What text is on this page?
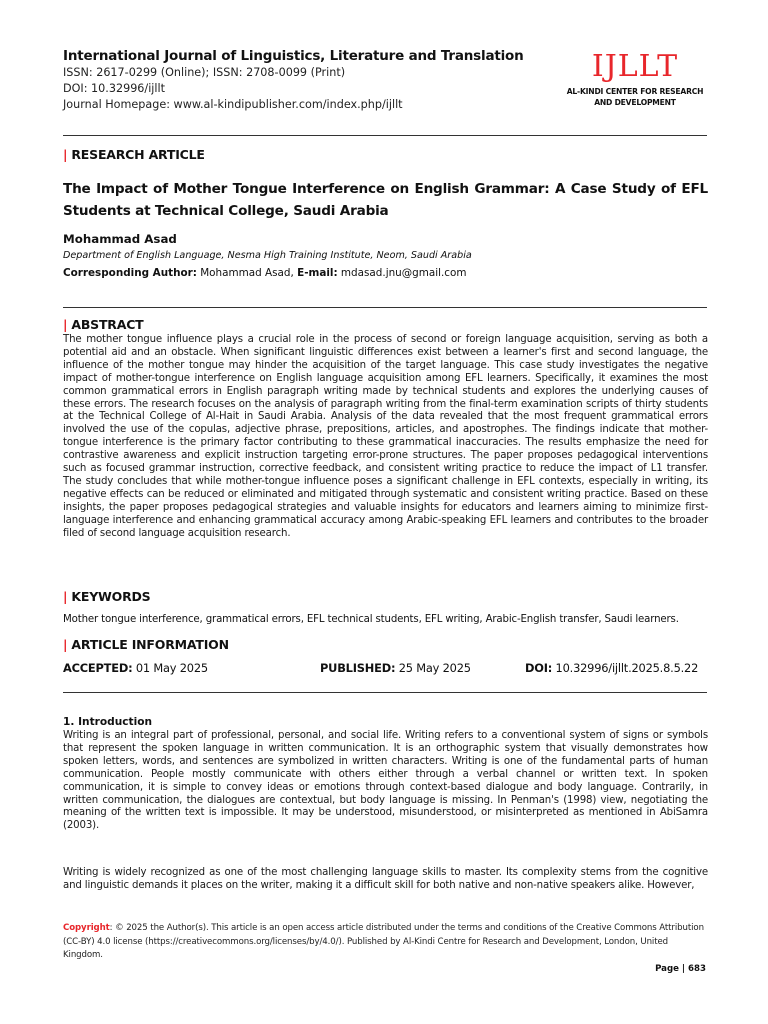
International Journal of Linguistics, Literature and Translation
ISSN: 2617-0299 (Online); ISSN: 2708-0099 (Print)
DOI: 10.32996/ijllt
Journal Homepage: www.al-kindipublisher.com/index.php/ijllt
IJLLT
AL-KINDI CENTER FOR RESEARCH
AND DEVELOPMENT
| RESEARCH ARTICLE
The Impact of Mother Tongue Interference on English Grammar: A Case Study of EFL Students at Technical College, Saudi Arabia
Mohammad Asad
Department of English Language, Nesma High Training Institute, Neom, Saudi Arabia
Corresponding Author: Mohammad Asad, E-mail: mdasad.jnu@gmail.com
| ABSTRACT
The mother tongue influence plays a crucial role in the process of second or foreign language acquisition, serving as both a potential aid and an obstacle. When significant linguistic differences exist between a learner's first and second language, the influence of the mother tongue may hinder the acquisition of the target language. This case study investigates the negative impact of mother-tongue interference on English language acquisition among EFL learners. Specifically, it examines the most common grammatical errors in English paragraph writing made by technical students and explores the underlying causes of these errors. The research focuses on the analysis of paragraph writing from the final-term examination scripts of thirty students at the Technical College of Al-Hait in Saudi Arabia. Analysis of the data revealed that the most frequent grammatical errors involved the use of the copulas, adjective phrase, prepositions, articles, and apostrophes. The findings indicate that mother-tongue interference is the primary factor contributing to these grammatical inaccuracies. The results emphasize the need for contrastive awareness and explicit instruction targeting error-prone structures. The paper proposes pedagogical interventions such as focused grammar instruction, corrective feedback, and consistent writing practice to reduce the impact of L1 transfer. The study concludes that while mother-tongue influence poses a significant challenge in EFL contexts, especially in writing, its negative effects can be reduced or eliminated and mitigated through systematic and consistent writing practice. Based on these insights, the paper proposes pedagogical strategies and valuable insights for educators and learners aiming to minimize first-language interference and enhancing grammatical accuracy among Arabic-speaking EFL learners and contributes to the broader filed of second language acquisition research.
| KEYWORDS
Mother tongue interference, grammatical errors, EFL technical students, EFL writing, Arabic-English transfer, Saudi learners.
| ARTICLE INFORMATION
ACCEPTED: 01 May 2025	PUBLISHED: 25 May 2025	DOI: 10.32996/ijllt.2025.8.5.22
1. Introduction
Writing is an integral part of professional, personal, and social life. Writing refers to a conventional system of signs or symbols that represent the spoken language in written communication. It is an orthographic system that visually demonstrates how spoken letters, words, and sentences are symbolized in written characters. Writing is one of the fundamental parts of human communication. People mostly communicate with others either through a verbal channel or written text. In spoken communication, it is simple to convey ideas or emotions through context-based dialogue and body language. Contrarily, in written communication, the dialogues are contextual, but body language is missing. In Penman's (1998) view, negotiating the meaning of the written text is impossible. It may be understood, misunderstood, or misinterpreted as mentioned in AbiSamra (2003).
Writing is widely recognized as one of the most challenging language skills to master. Its complexity stems from the cognitive and linguistic demands it places on the writer, making it a difficult skill for both native and non-native speakers alike. However,
Copyright: © 2025 the Author(s). This article is an open access article distributed under the terms and conditions of the Creative Commons Attribution (CC-BY) 4.0 license (https://creativecommons.org/licenses/by/4.0/). Published by Al-Kindi Centre for Research and Development, London, United Kingdom.
Page | 683
